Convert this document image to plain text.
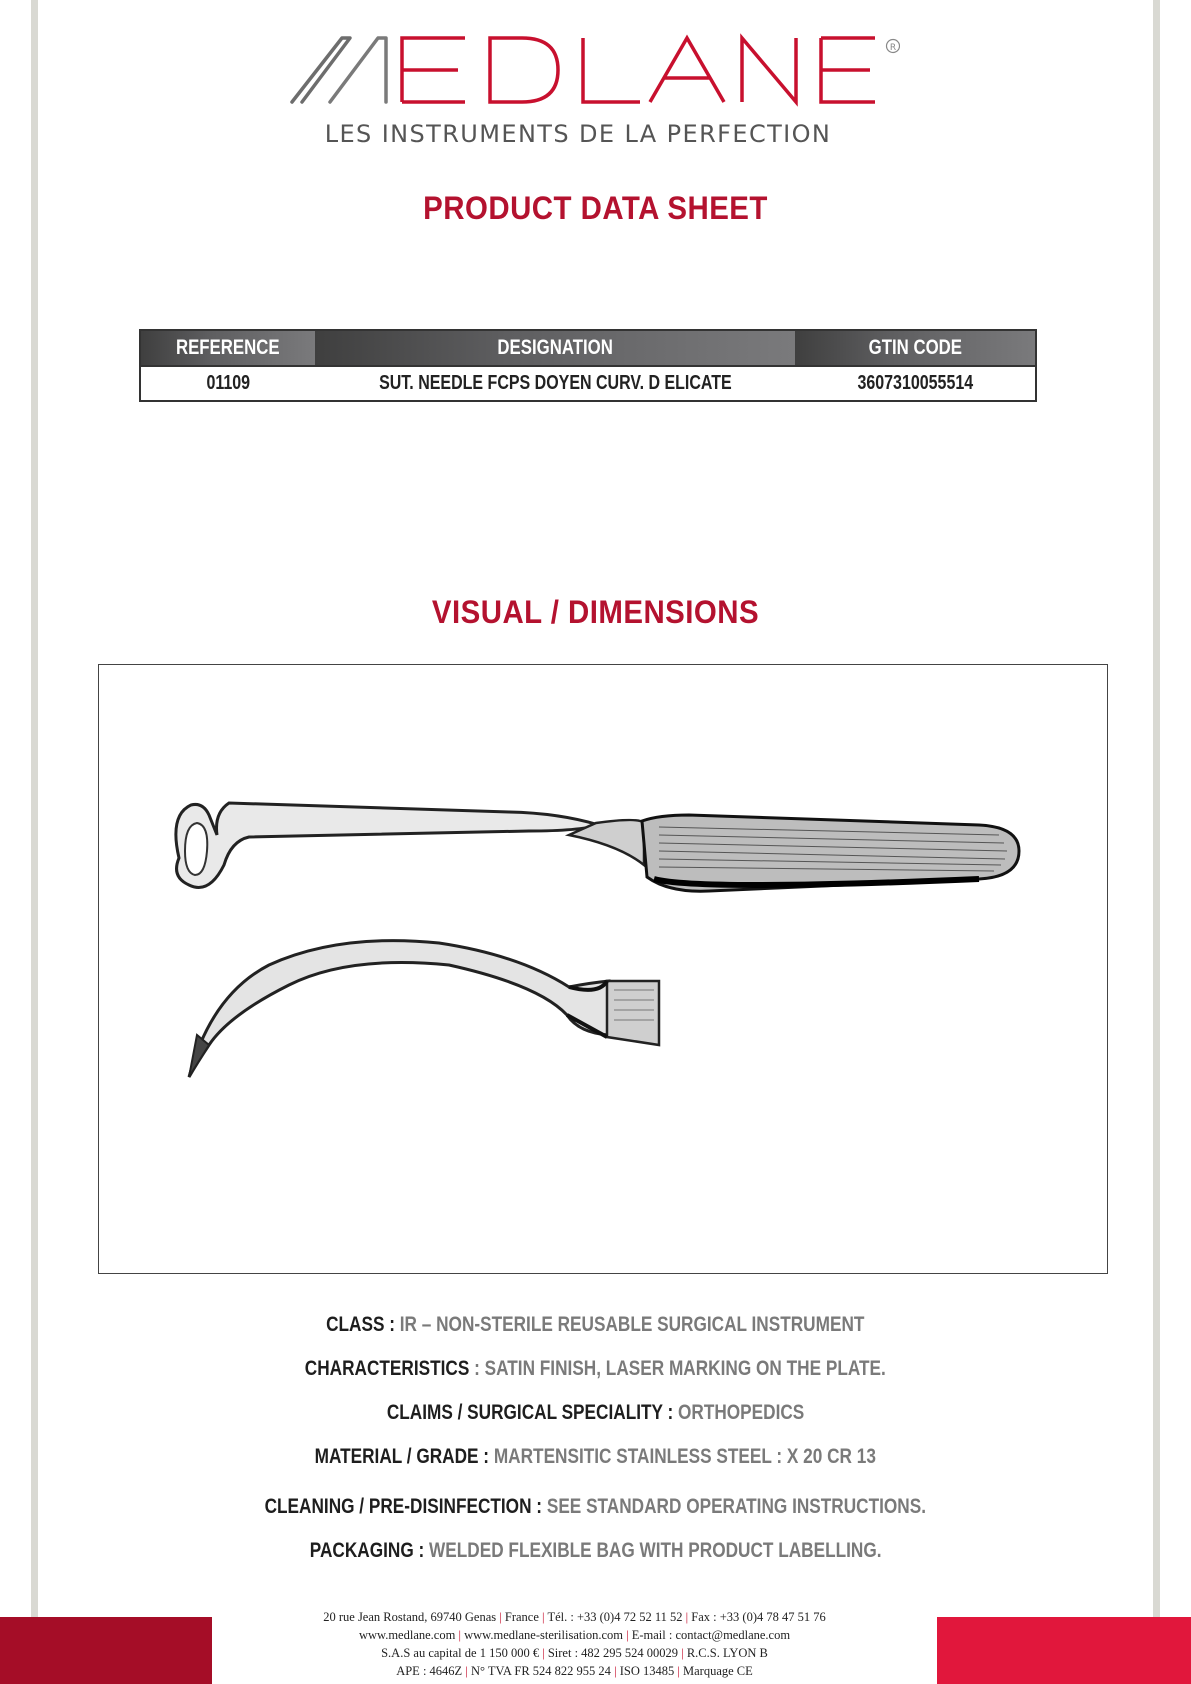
R
LES INSTRUMENTS DE LA PERFECTION
PRODUCT DATA SHEET
REFERENCE	DESIGNATION	GTIN CODE
01109	SUT. NEEDLE FCPS DOYEN CURV. D ELICATE	3607310055514
VISUAL / DIMENSIONS
CLASS : IR – NON-STERILE REUSABLE SURGICAL INSTRUMENT
CHARACTERISTICS : SATIN FINISH, LASER MARKING ON THE PLATE.
CLAIMS / SURGICAL SPECIALITY : ORTHOPEDICS
MATERIAL / GRADE : MARTENSITIC STAINLESS STEEL : X 20 CR 13
CLEANING / PRE-DISINFECTION : SEE STANDARD OPERATING INSTRUCTIONS.
PACKAGING : WELDED FLEXIBLE BAG WITH PRODUCT LABELLING.
20 rue Jean Rostand, 69740 Genas | France | Tél. : +33 (0)4 72 52 11 52 | Fax : +33 (0)4 78 47 51 76
www.medlane.com | www.medlane-sterilisation.com | E-mail : contact@medlane.com
S.A.S au capital de 1 150 000 € | Siret : 482 295 524 00029 | R.C.S. LYON B
APE : 4646Z | N° TVA FR 524 822 955 24 | ISO 13485 | Marquage CE
